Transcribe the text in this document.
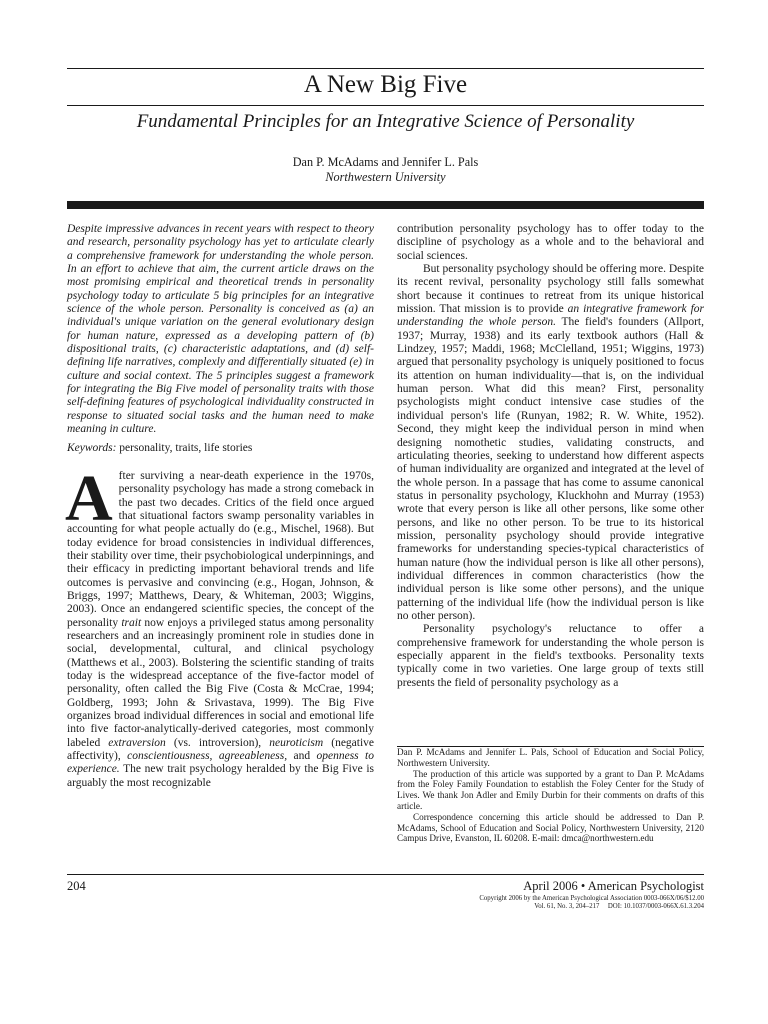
A New Big Five
Fundamental Principles for an Integrative Science of Personality
Dan P. McAdams and Jennifer L. Pals
Northwestern University

Despite impressive advances in recent years with respect to theory and research, personality psychology has yet to articulate clearly a comprehensive framework for understanding the whole person. In an effort to achieve that aim, the current article draws on the most promising empirical and theoretical trends in personality psychology today to articulate 5 big principles for an integrative science of the whole person. Personality is conceived as (a) an individual's unique variation on the general evolutionary design for human nature, expressed as a developing pattern of (b) dispositional traits, (c) characteristic adaptations, and (d) self-defining life narratives, complexly and differentially situated (e) in culture and social context. The 5 principles suggest a framework for integrating the Big Five model of personality traits with those self-defining features of psychological individuality constructed in response to situated social tasks and the human need to make meaning in culture.

Keywords: personality, traits, life stories

After surviving a near-death experience in the 1970s, personality psychology has made a strong comeback in the past two decades. Critics of the field once argued that situational factors swamp personality variables in accounting for what people actually do (e.g., Mischel, 1968). But today evidence for broad consistencies in individual differences, their stability over time, their psychobiological underpinnings, and their efficacy in predicting important behavioral trends and life outcomes is pervasive and convincing (e.g., Hogan, Johnson, & Briggs, 1997; Matthews, Deary, & Whiteman, 2003; Wiggins, 2003). Once an endangered scientific species, the concept of the personality trait now enjoys a privileged status among personality researchers and an increasingly prominent role in studies done in social, developmental, cultural, and clinical psychology (Matthews et al., 2003). Bolstering the scientific standing of traits today is the widespread acceptance of the five-factor model of personality, often called the Big Five (Costa & McCrae, 1994; Goldberg, 1993; John & Srivastava, 1999). The Big Five organizes broad individual differences in social and emotional life into five factor-analytically-derived categories, most commonly labeled extraversion (vs. introversion), neuroticism (negative affectivity), conscientiousness, agreeableness, and openness to experience. The new trait psychology heralded by the Big Five is arguably the most recognizable

contribution personality psychology has to offer today to the discipline of psychology as a whole and to the behavioral and social sciences.

But personality psychology should be offering more. Despite its recent revival, personality psychology still falls somewhat short because it continues to retreat from its unique historical mission. That mission is to provide an integrative framework for understanding the whole person. The field's founders (Allport, 1937; Murray, 1938) and its early textbook authors (Hall & Lindzey, 1957; Maddi, 1968; McClelland, 1951; Wiggins, 1973) argued that personality psychology is uniquely positioned to focus its attention on human individuality—that is, on the individual human person. What did this mean? First, personality psychologists might conduct intensive case studies of the individual person's life (Runyan, 1982; R. W. White, 1952). Second, they might keep the individual person in mind when designing nomothetic studies, validating constructs, and articulating theories, seeking to understand how different aspects of human individuality are organized and integrated at the level of the whole person. In a passage that has come to assume canonical status in personality psychology, Kluckhohn and Murray (1953) wrote that every person is like all other persons, like some other persons, and like no other person. To be true to its historical mission, personality psychology should provide integrative frameworks for understanding species-typical characteristics of human nature (how the individual person is like all other persons), individual differences in common characteristics (how the individual person is like some other persons), and the unique patterning of the individual life (how the individual person is like no other person).

Personality psychology's reluctance to offer a comprehensive framework for understanding the whole person is especially apparent in the field's textbooks. Personality texts typically come in two varieties. One large group of texts still presents the field of personality psychology as a

Dan P. McAdams and Jennifer L. Pals, School of Education and Social Policy, Northwestern University.

The production of this article was supported by a grant to Dan P. McAdams from the Foley Family Foundation to establish the Foley Center for the Study of Lives. We thank Jon Adler and Emily Durbin for their comments on drafts of this article.

Correspondence concerning this article should be addressed to Dan P. McAdams, School of Education and Social Policy, Northwestern University, 2120 Campus Drive, Evanston, IL 60208. E-mail: dmca@northwestern.edu

204	April 2006 • American Psychologist
Copyright 2006 by the American Psychological Association 0003-066X/06/$12.00
Vol. 61, No. 3, 204–217     DOI: 10.1037/0003-066X.61.3.204
